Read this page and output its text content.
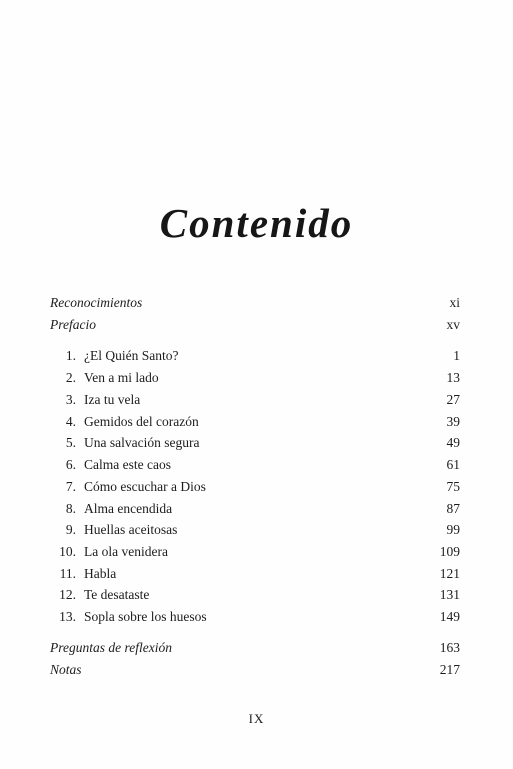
Contenido
Reconocimientos	xi
Prefacio	xv
1. ¿El Quién Santo?	1
2. Ven a mi lado	13
3. Iza tu vela	27
4. Gemidos del corazón	39
5. Una salvación segura	49
6. Calma este caos	61
7. Cómo escuchar a Dios	75
8. Alma encendida	87
9. Huellas aceitosas	99
10. La ola venidera	109
11. Habla	121
12. Te desataste	131
13. Sopla sobre los huesos	149
Preguntas de reflexión	163
Notas	217
IX
